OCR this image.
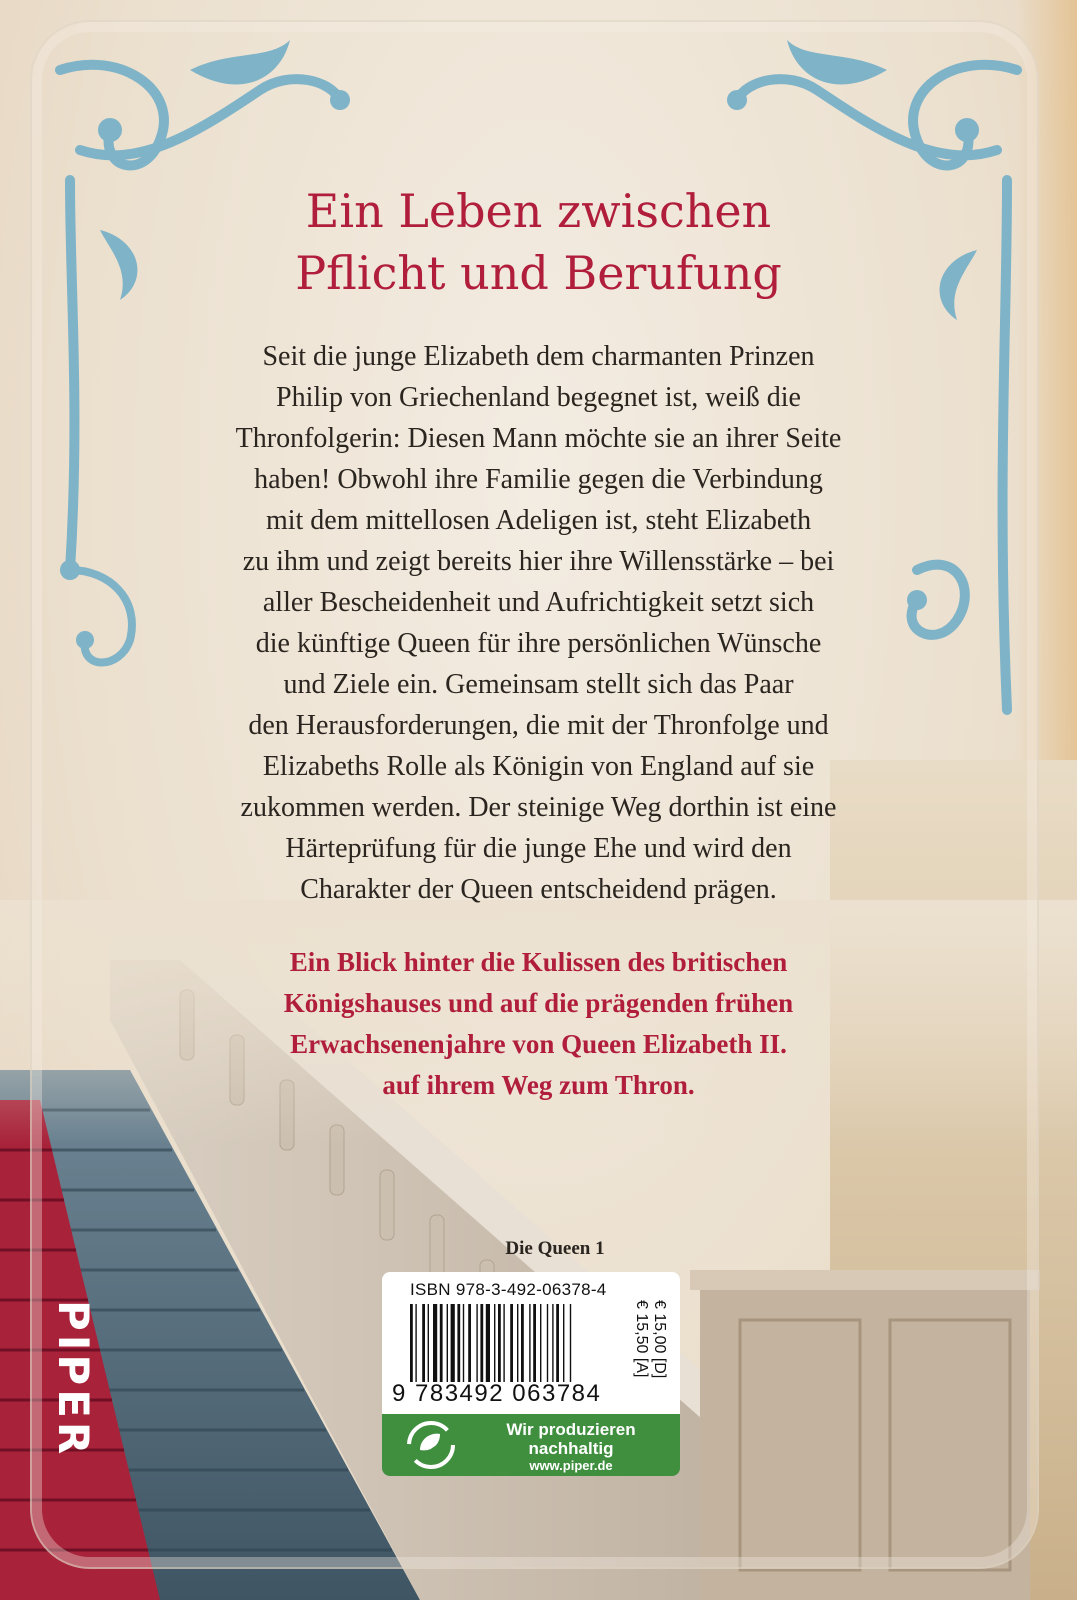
Ein Leben zwischen
Pflicht und Berufung

Seit die junge Elizabeth dem charmanten Prinzen
Philip von Griechenland begegnet ist, weiß die
Thronfolgerin: Diesen Mann möchte sie an ihrer Seite
haben! Obwohl ihre Familie gegen die Verbindung
mit dem mittellosen Adeligen ist, steht Elizabeth
zu ihm und zeigt bereits hier ihre Willensstärke – bei
aller Bescheidenheit und Aufrichtigkeit setzt sich
die künftige Queen für ihre persönlichen Wünsche
und Ziele ein. Gemeinsam stellt sich das Paar
den Herausforderungen, die mit der Thronfolge und
Elizabeths Rolle als Königin von England auf sie
zukommen werden. Der steinige Weg dorthin ist eine
Härteprüfung für die junge Ehe und wird den
Charakter der Queen entscheidend prägen.

Ein Blick hinter die Kulissen des britischen
Königshauses und auf die prägenden frühen
Erwachsenenjahre von Queen Elizabeth II.
auf ihrem Weg zum Thron.
Die Queen 1
ISBN 978-3-492-06378-4
9 783492 063784
€ 15,00 [D]
€ 15,50 [A]
Wir produzieren
nachhaltig
www.piper.de
PIPER
